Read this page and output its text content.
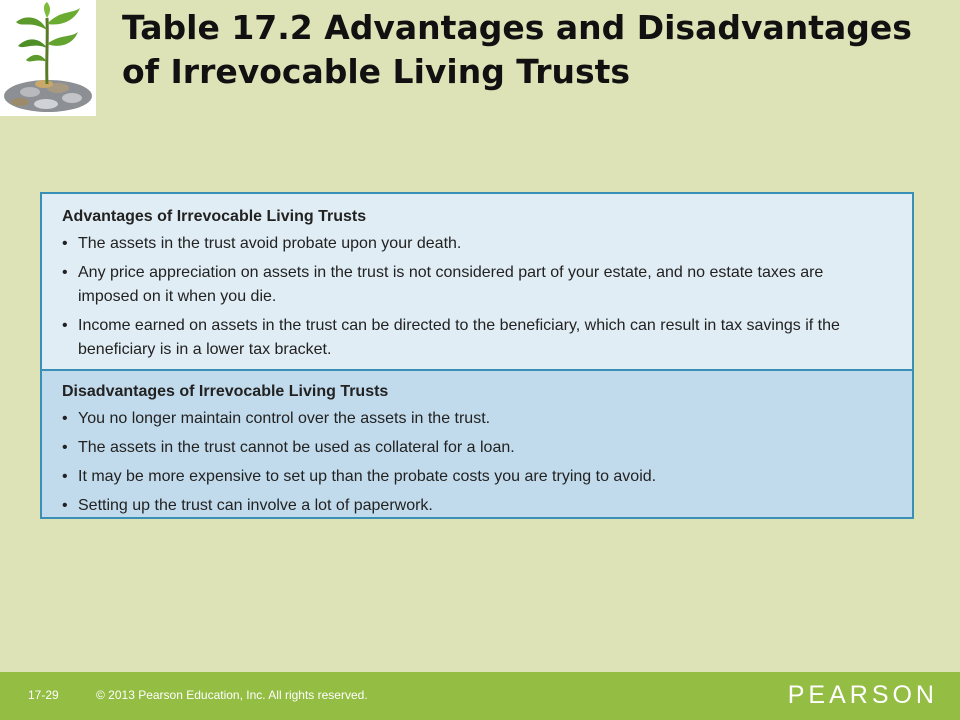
Table 17.2 Advantages and Disadvantages of Irrevocable Living Trusts

Advantages of Irrevocable Living Trusts

• The assets in the trust avoid probate upon your death.
• Any price appreciation on assets in the trust is not considered part of your estate, and no estate taxes are imposed on it when you die.
• Income earned on assets in the trust can be directed to the beneficiary, which can result in tax savings if the beneficiary is in a lower tax bracket.

Disadvantages of Irrevocable Living Trusts

• You no longer maintain control over the assets in the trust.
• The assets in the trust cannot be used as collateral for a loan.
• It may be more expensive to set up than the probate costs you are trying to avoid.
• Setting up the trust can involve a lot of paperwork.
17-29	© 2013 Pearson Education, Inc. All rights reserved.	PEARSON
